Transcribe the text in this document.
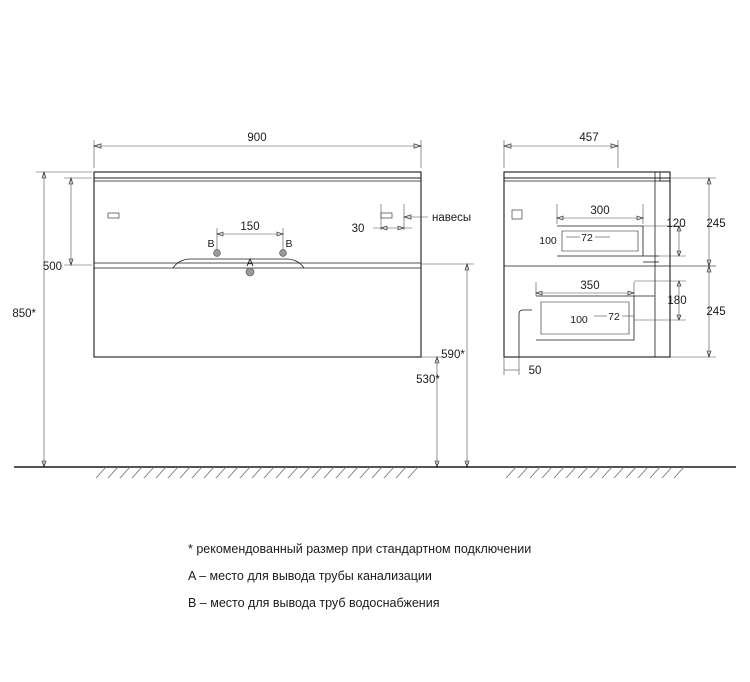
B	B
A
900
150	30
навесы
500
850*
590*
530*
457
300
72
100
120 245
350
72
100
180
245
50
* рекомендованный размер при стандартном подключении
A – место для вывода трубы канализации
B – место для вывода труб водоснабжения
